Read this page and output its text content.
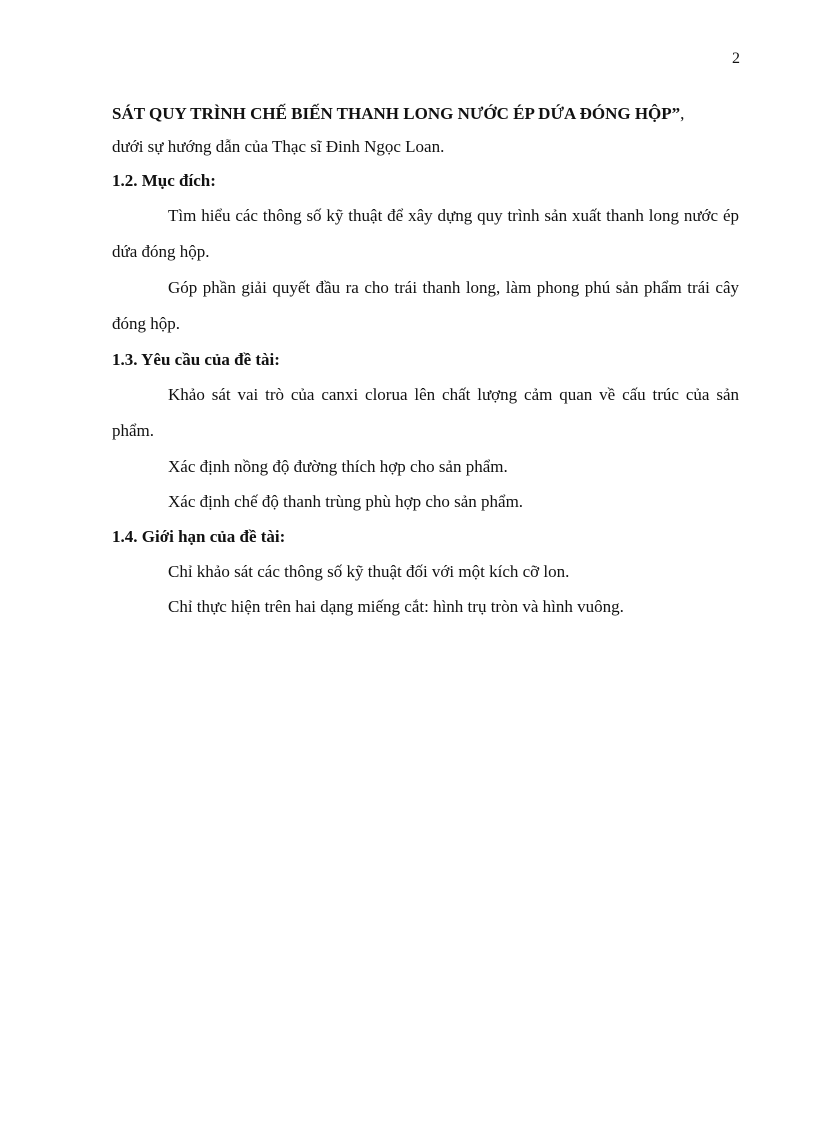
2

SÁT QUY TRÌNH CHẾ BIẾN THANH LONG NƯỚC ÉP DỨA ĐÓNG HỘP”,

dưới sự hướng dẫn của Thạc sĩ Đinh Ngọc Loan.

1.2. Mục đích:

Tìm hiểu các thông số kỹ thuật để xây dựng quy trình sản xuất thanh long nước ép dứa đóng hộp.

Góp phần giải quyết đầu ra cho trái thanh long, làm phong phú sản phẩm trái cây đóng hộp.

1.3. Yêu cầu của đề tài:

Khảo sát vai trò của canxi clorua lên chất lượng cảm quan về cấu trúc của sản phẩm.

Xác định nồng độ đường thích hợp cho sản phẩm.

Xác định chế độ thanh trùng phù hợp cho sản phẩm.

1.4. Giới hạn của đề tài:

Chỉ khảo sát các thông số kỹ thuật đối với một kích cỡ lon.

Chỉ thực hiện trên hai dạng miếng cắt: hình trụ tròn và hình vuông.
